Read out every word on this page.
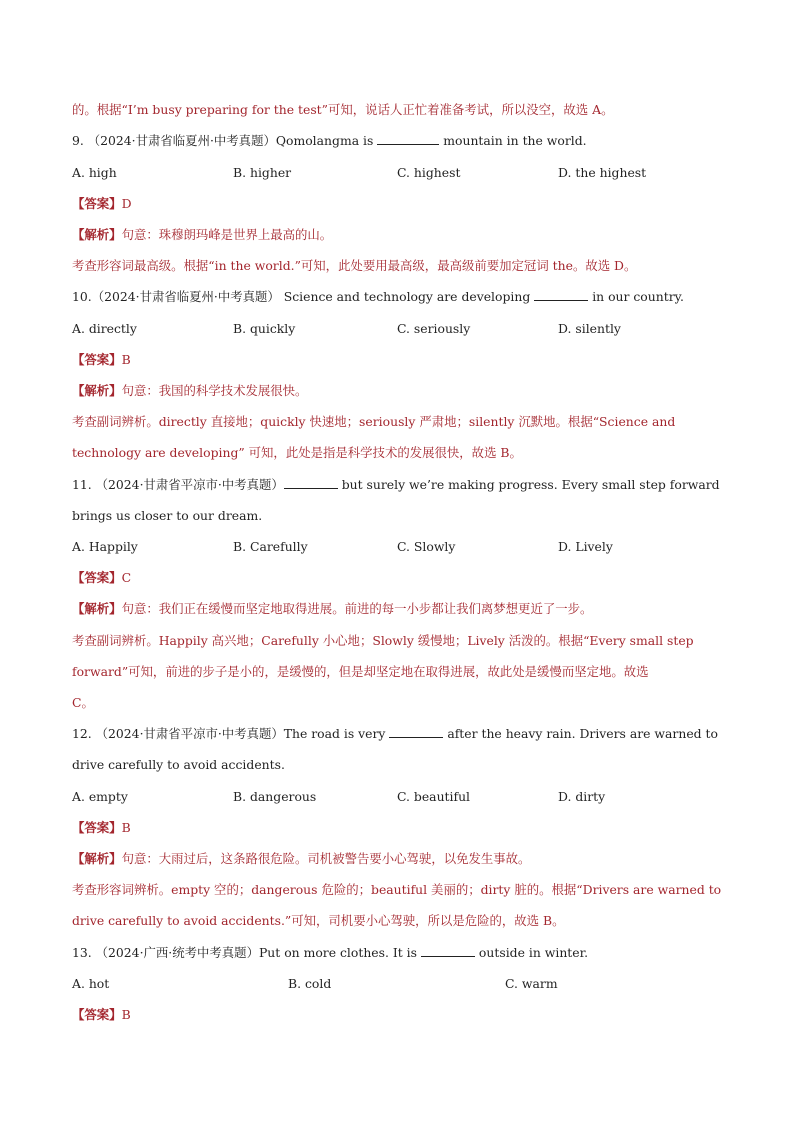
的。根据“I’m busy preparing for the test”可知，说话人正忙着准备考试，所以没空，故选 A。
9. （2024·甘肃省临夏州·中考真题）Qomolangma is	mountain in the world.
A. high	B. higher	C. highest	D. the highest
【答案】D
【解析】句意：珠穆朗玛峰是世界上最高的山。
考查形容词最高级。根据“in the world.”可知，此处要用最高级，最高级前要加定冠词 the。故选 D。
10.（2024·甘肃省临夏州·中考真题） Science and technology are developing	in our country.
A. directly	B. quickly	C. seriously	D. silently
【答案】B
【解析】句意：我国的科学技术发展很快。
考查副词辨析。directly 直接地；quickly 快速地；seriously 严肃地；silently 沉默地。根据“Science and
technology are developing” 可知，此处是指是科学技术的发展很快，故选 B。
11. （2024·甘肃省平凉市·中考真题）	but surely we’re making progress. Every small step forward
brings us closer to our dream.
A. Happily	B. Carefully	C. Slowly	D. Lively
【答案】C
【解析】句意：我们正在缓慢而坚定地取得进展。前进的每一小步都让我们离梦想更近了一步。
考查副词辨析。Happily 高兴地；Carefully 小心地；Slowly 缓慢地；Lively 活泼的。根据“Every small step
forward”可知，前进的步子是小的，是缓慢的，但是却坚定地在取得进展，故此处是缓慢而坚定地。故选
C。
12. （2024·甘肃省平凉市·中考真题）The road is very	after the heavy rain. Drivers are warned to
drive carefully to avoid accidents.
A. empty	B. dangerous	C. beautiful	D. dirty
【答案】B
【解析】句意：大雨过后，这条路很危险。司机被警告要小心驾驶，以免发生事故。
考查形容词辨析。empty 空的；dangerous 危险的；beautiful 美丽的；dirty 脏的。根据“Drivers are warned to
drive carefully to avoid accidents.”可知，司机要小心驾驶，所以是危险的，故选 B。
13. （2024·广西·统考中考真题）Put on more clothes. It is	outside in winter.
A. hot	B. cold	C. warm
【答案】B
